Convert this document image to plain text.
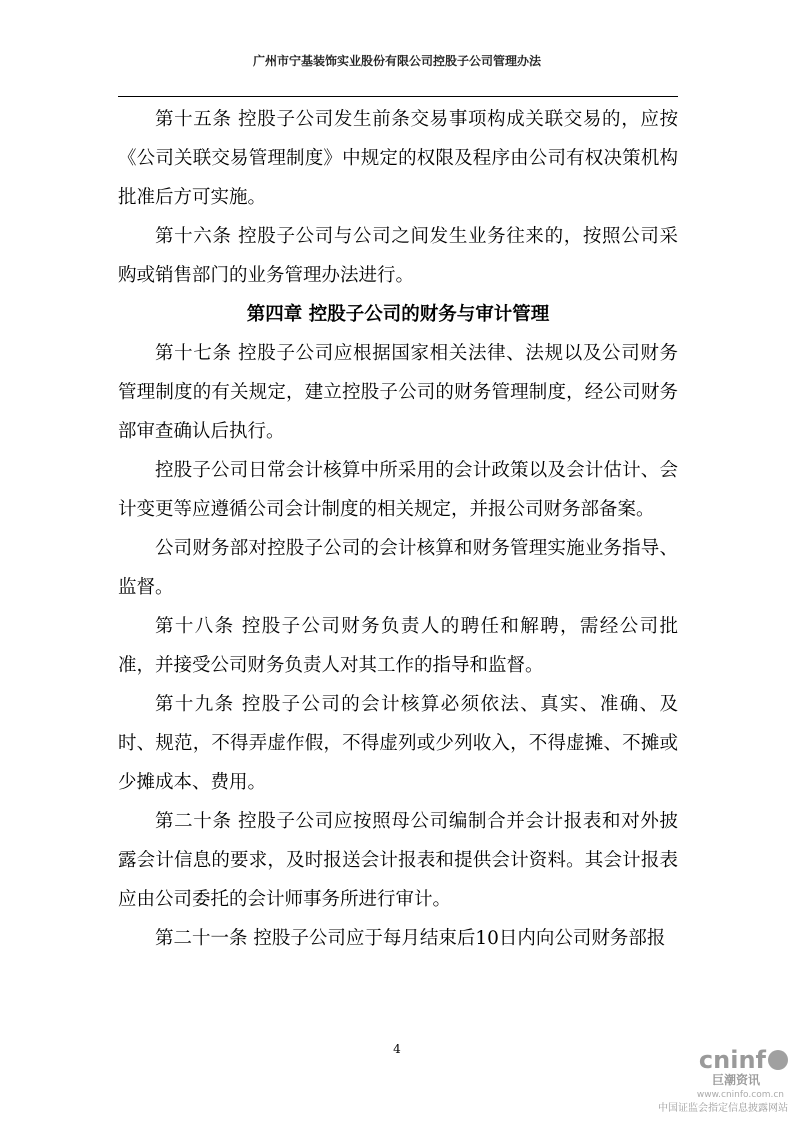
广州市宁基装饰实业股份有限公司控股子公司管理办法

第十五条 控股子公司发生前条交易事项构成关联交易的，应按《公司关联交易管理制度》中规定的权限及程序由公司有权决策机构批准后方可实施。

第十六条 控股子公司与公司之间发生业务往来的，按照公司采购或销售部门的业务管理办法进行。

第四章 控股子公司的财务与审计管理

第十七条 控股子公司应根据国家相关法律、法规以及公司财务管理制度的有关规定，建立控股子公司的财务管理制度，经公司财务部审查确认后执行。

控股子公司日常会计核算中所采用的会计政策以及会计估计、会计变更等应遵循公司会计制度的相关规定，并报公司财务部备案。

公司财务部对控股子公司的会计核算和财务管理实施业务指导、监督。

第十八条 控股子公司财务负责人的聘任和解聘，需经公司批准，并接受公司财务负责人对其工作的指导和监督。

第十九条 控股子公司的会计核算必须依法、真实、准确、及时、规范，不得弄虚作假，不得虚列或少列收入，不得虚摊、不摊或少摊成本、费用。

第二十条 控股子公司应按照母公司编制合并会计报表和对外披露会计信息的要求，及时报送会计报表和提供会计资料。其会计报表应由公司委托的会计师事务所进行审计。

第二十一条 控股子公司应于每月结束后10日内向公司财务部报

4	cninf
巨潮资讯
www.cninfo.com.cn
中国证监会指定信息披露网站
